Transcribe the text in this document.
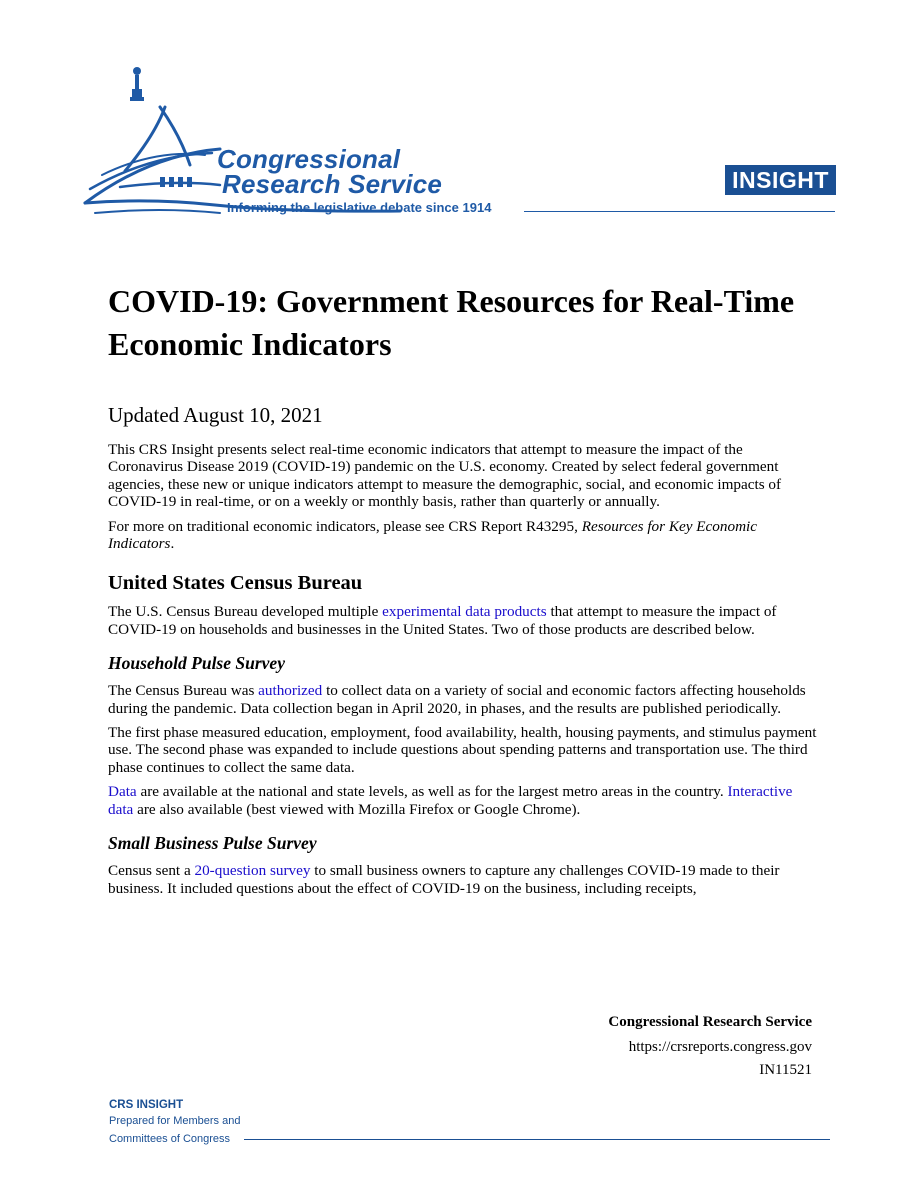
Congressional
Research Service
Informing the legislative debate since 1914
INSIGHT
COVID-19: Government Resources for Real-Time Economic Indicators
Updated August 10, 2021

This CRS Insight presents select real-time economic indicators that attempt to measure the impact of the Coronavirus Disease 2019 (COVID-19) pandemic on the U.S. economy. Created by select federal government agencies, these new or unique indicators attempt to measure the demographic, social, and economic impacts of COVID-19 in real-time, or on a weekly or monthly basis, rather than quarterly or annually.

For more on traditional economic indicators, please see CRS Report R43295, Resources for Key Economic Indicators.

United States Census Bureau

The U.S. Census Bureau developed multiple experimental data products that attempt to measure the impact of COVID-19 on households and businesses in the United States. Two of those products are described below.

Household Pulse Survey

The Census Bureau was authorized to collect data on a variety of social and economic factors affecting households during the pandemic. Data collection began in April 2020, in phases, and the results are published periodically.

The first phase measured education, employment, food availability, health, housing payments, and stimulus payment use. The second phase was expanded to include questions about spending patterns and transportation use. The third phase continues to collect the same data.

Data are available at the national and state levels, as well as for the largest metro areas in the country. Interactive data are also available (best viewed with Mozilla Firefox or Google Chrome).

Small Business Pulse Survey

Census sent a 20-question survey to small business owners to capture any challenges COVID-19 made to their business. It included questions about the effect of COVID-19 on the business, including receipts,

Congressional Research Service
https://crsreports.congress.gov
IN11521
CRS INSIGHT
Prepared for Members and
Committees of Congress
